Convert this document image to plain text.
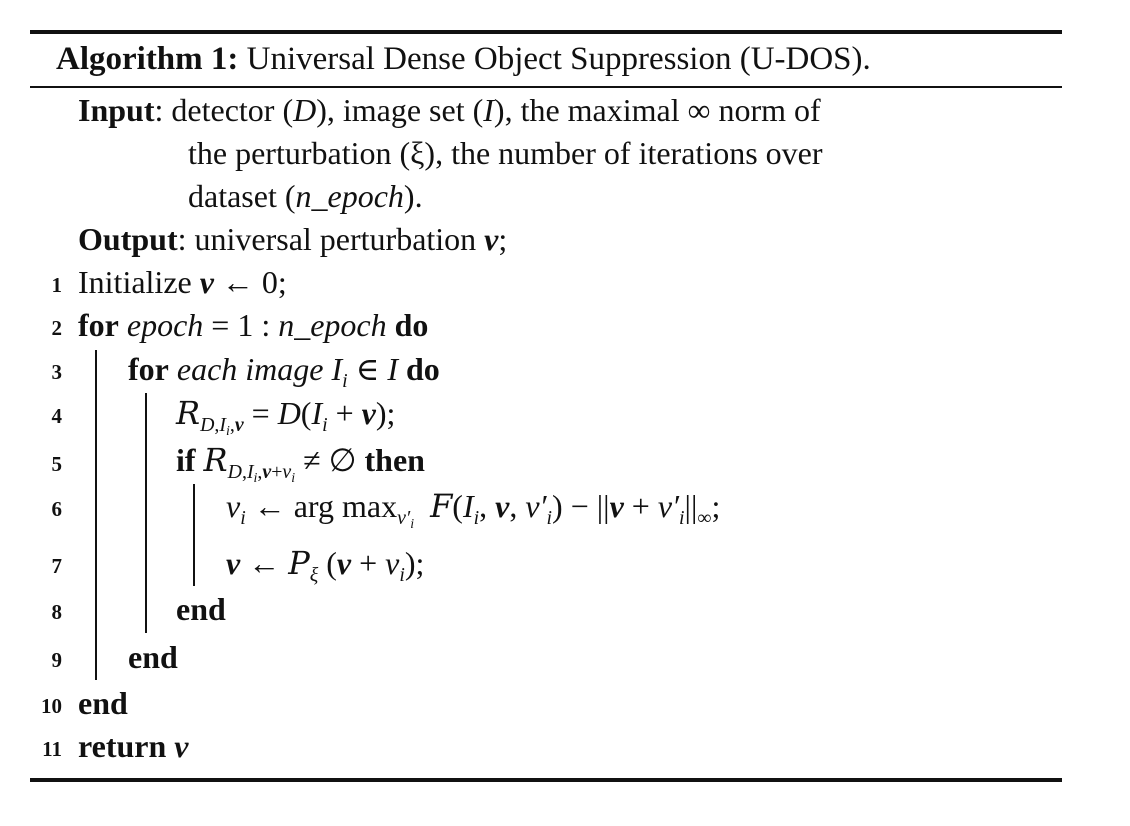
Algorithm 1: Universal Dense Object Suppression (U-DOS).
Input: detector (D), image set (I), the maximal ∞ norm of
the perturbation (ξ), the number of iterations over
dataset (n_epoch).
Output: universal perturbation v;
1
2
3
4
5
6
7
8
9
10
11
Initialize v ← 0;
for epoch = 1 : n_epoch do
for each image $I_i$ ∈ I do
$R_{D,I_i,v} = D(I_i + v)$;
if $R_{D,I_i,v+v_i}$ ≠ ∅ then
$v_i$ ← arg $\max_{v'_i} F(I_i$, v, $v'_i) - ||v + v'_i||_\infty$;
v ← $P_\xi$ $(v + v_i)$;
end
end
end
return v
